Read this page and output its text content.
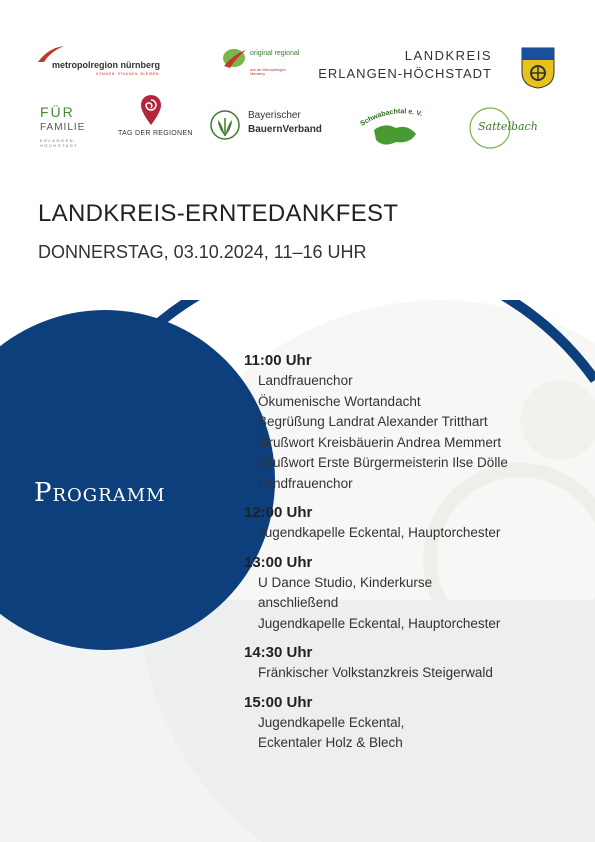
metropolregion nürnberg
KOMMEN. STAUNEN. BLEIBEN.
original regional
aus der Metropolregion Nürnberg
LANDKREIS
ERLANGEN-HÖCHSTADT
FÜR
FAMILIE
ERLANGEN-HÖCHSTADT
TAG DER REGIONEN
Bayerischer
BauernVerband
Schwabachtal e. V.
Sattelbach
LANDKREIS-ERNTEDANKFEST
DONNERSTAG, 03.10.2024, 11–16 UHR
Programm
11:00 Uhr
Landfrauenchor
Ökumenische Wortandacht
Begrüßung Landrat Alexander Tritthart
Grußwort Kreisbäuerin Andrea Memmert
Grußwort Erste Bürgermeisterin Ilse Dölle
Landfrauenchor
12:00 Uhr
Jugendkapelle Eckental, Hauptorchester
13:00 Uhr
U Dance Studio, Kinderkurse
anschließend
Jugendkapelle Eckental, Hauptorchester
14:30 Uhr
Fränkischer Volkstanzkreis Steigerwald
15:00 Uhr
Jugendkapelle Eckental,
Eckentaler Holz & Blech
